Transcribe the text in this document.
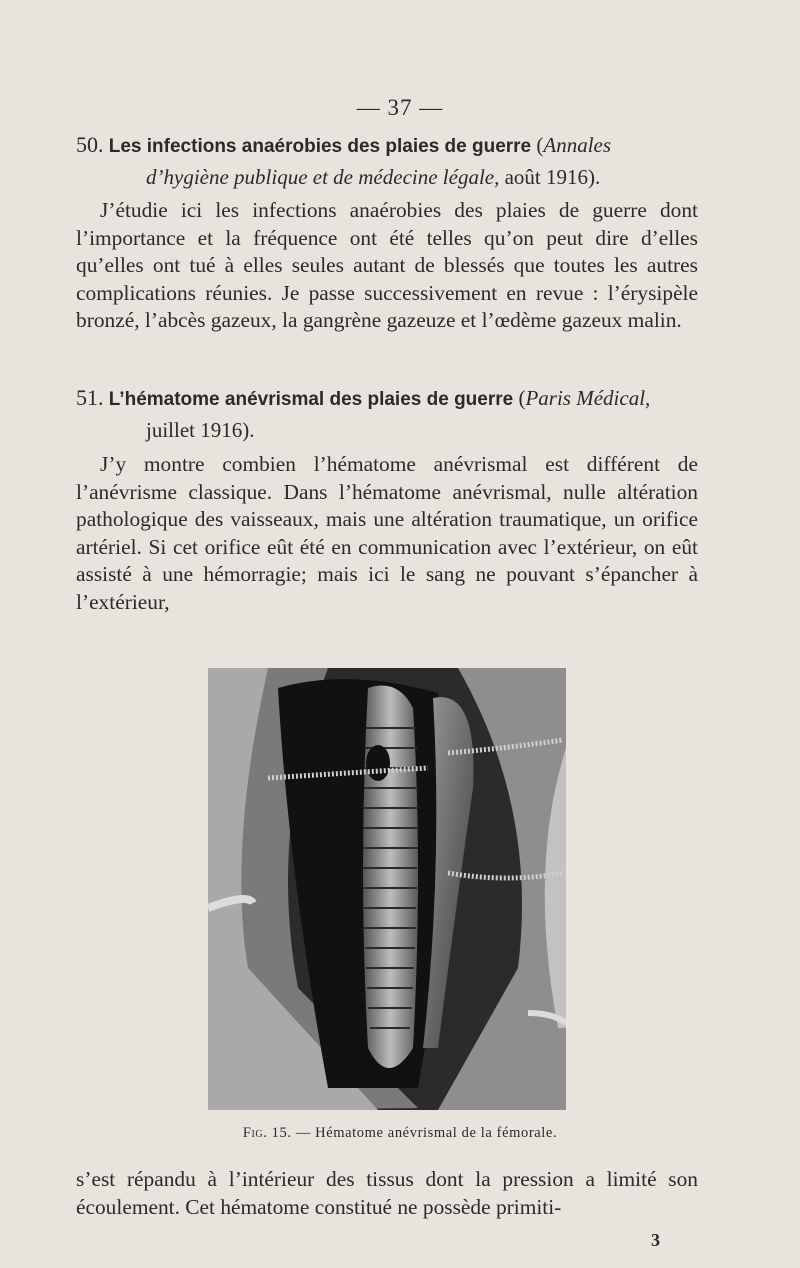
— 37 —
50. Les infections anaérobies des plaies de guerre (Annales
d’hygiène publique et de médecine légale, août 1916).

J’étudie ici les infections anaérobies des plaies de guerre dont l’importance et la fréquence ont été telles qu’on peut dire d’elles qu’elles ont tué à elles seules autant de blessés que toutes les autres complications réunies. Je passe successivement en revue : l’érysipèle bronzé, l’abcès gazeux, la gangrène gazeuze et l’œdème gazeux malin.

51. L’hématome anévrismal des plaies de guerre (Paris Médical,
juillet 1916).

J’y montre combien l’hématome anévrismal est différent de l’anévrisme classique. Dans l’hématome anévrismal, nulle altération pathologique des vaisseaux, mais une altération traumatique, un orifice artériel. Si cet orifice eût été en communication avec l’extérieur, on eût assisté à une hémorragie; mais ici le sang ne pouvant s’épancher à l’extérieur,

Fig. 15. — Hématome anévrismal de la fémorale.

s’est répandu à l’intérieur des tissus dont la pression a limité son écoulement. Cet hématome constitué ne possède primiti-

3
